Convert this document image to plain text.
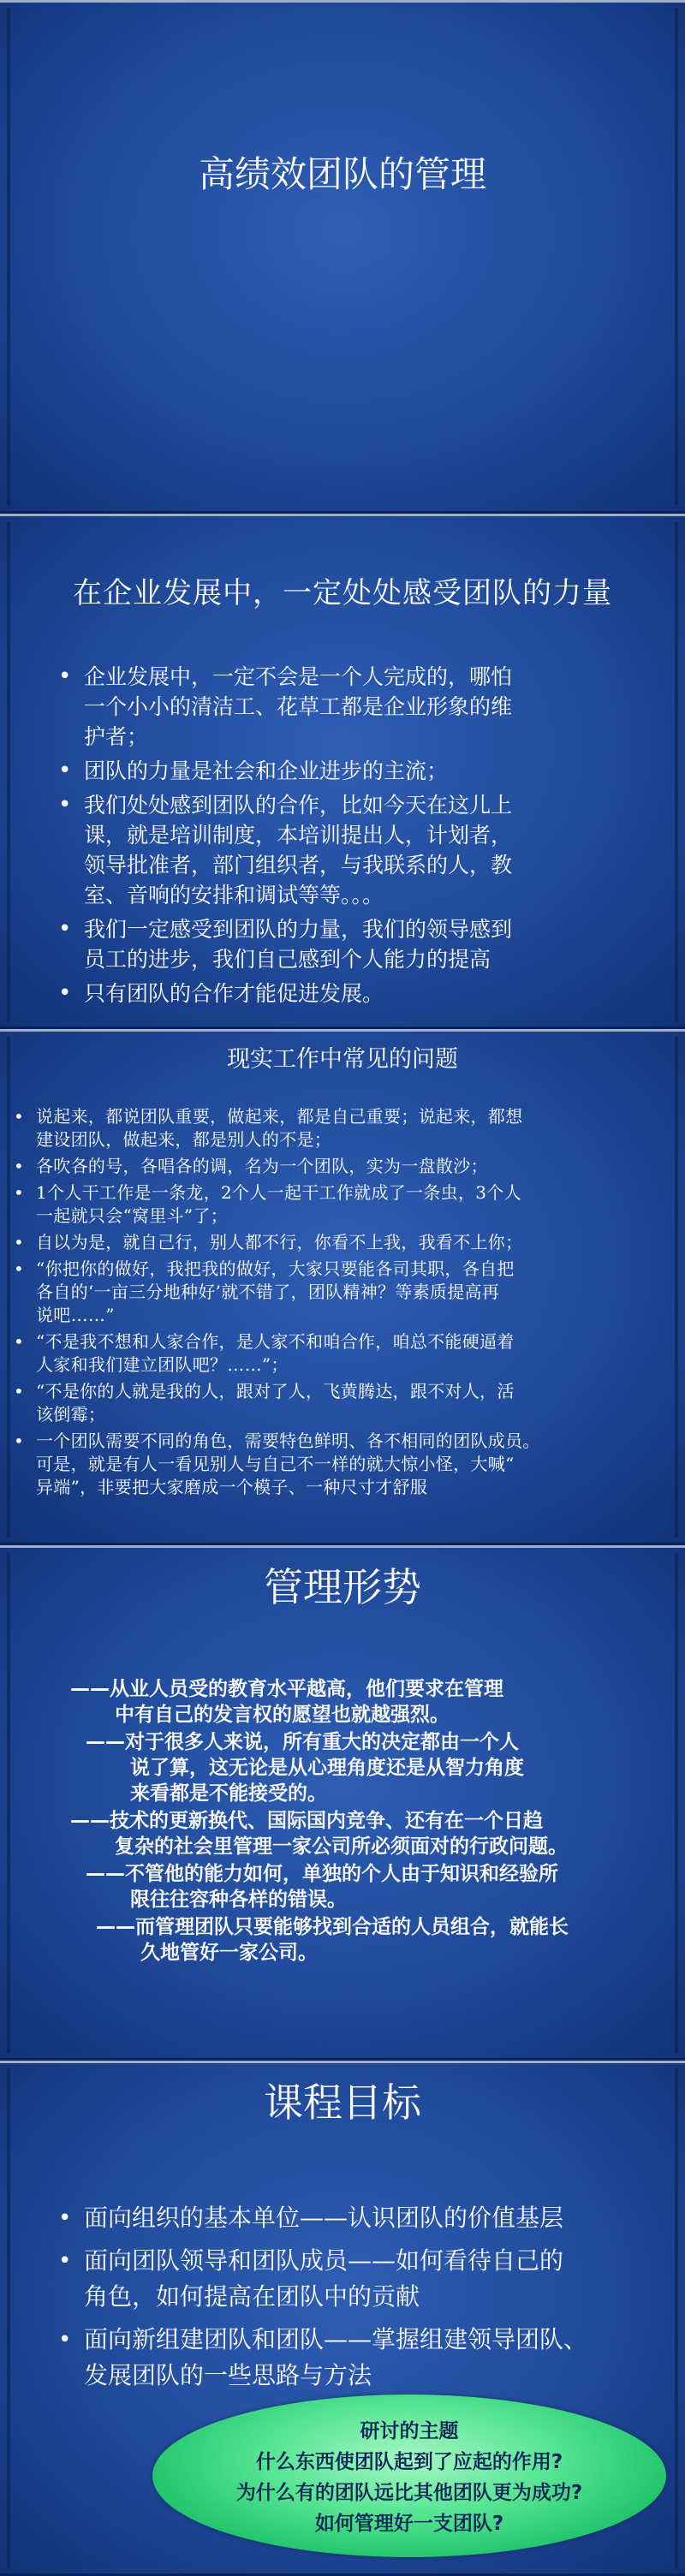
高绩效团队的管理
在企业发展中，一定处处感受团队的力量
• 企业发展中，一定不会是一个人完成的，哪怕
一个小小的清洁工、花草工都是企业形象的维
护者；
• 团队的力量是社会和企业进步的主流；
• 我们处处感到团队的合作，比如今天在这儿上
课，就是培训制度，本培训提出人，计划者，
领导批准者，部门组织者，与我联系的人，教
室、音响的安排和调试等等。。。
• 我们一定感受到团队的力量，我们的领导感到
员工的进步，我们自己感到个人能力的提高
• 只有团队的合作才能促进发展。
现实工作中常见的问题
• 说起来，都说团队重要，做起来，都是自己重要；说起来，都想
建设团队，做起来，都是别人的不是；
• 各吹各的号，各唱各的调，名为一个团队，实为一盘散沙；
• 1个人干工作是一条龙，2个人一起干工作就成了一条虫，3个人
一起就只会“窝里斗”了；
• 自以为是，就自己行，别人都不行，你看不上我，我看不上你；
• “你把你的做好，我把我的做好，大家只要能各司其职，各自把
各自的‘一亩三分地种好’就不错了，团队精神？等素质提高再
说吧……”
• “不是我不想和人家合作，是人家不和咱合作，咱总不能硬逼着
人家和我们建立团队吧？……”；
• “不是你的人就是我的人，跟对了人，飞黄腾达，跟不对人，活
该倒霉；
• 一个团队需要不同的角色，需要特色鲜明、各不相同的团队成员。
可是，就是有人一看见别人与自己不一样的就大惊小怪，大喊“
异端”，非要把大家磨成一个模子、一种尺寸才舒服
管理形势
——从业人员受的教育水平越高，他们要求在管理
中有自己的发言权的愿望也就越强烈。
——对于很多人来说，所有重大的决定都由一个人
说了算，这无论是从心理角度还是从智力角度
来看都是不能接受的。
——技术的更新换代、国际国内竞争、还有在一个日趋
复杂的社会里管理一家公司所必须面对的行政问题。
——不管他的能力如何，单独的个人由于知识和经验所
限往往容种各样的错误。
——而管理团队只要能够找到合适的人员组合，就能长
久地管好一家公司。
课程目标
• 面向组织的基本单位——认识团队的价值基层
• 面向团队领导和团队成员——如何看待自己的
角色，如何提高在团队中的贡献
• 面向新组建团队和团队——掌握组建领导团队、
发展团队的一些思路与方法
研讨的主题
什么东西使团队起到了应起的作用?
为什么有的团队远比其他团队更为成功?
如何管理好一支团队?
